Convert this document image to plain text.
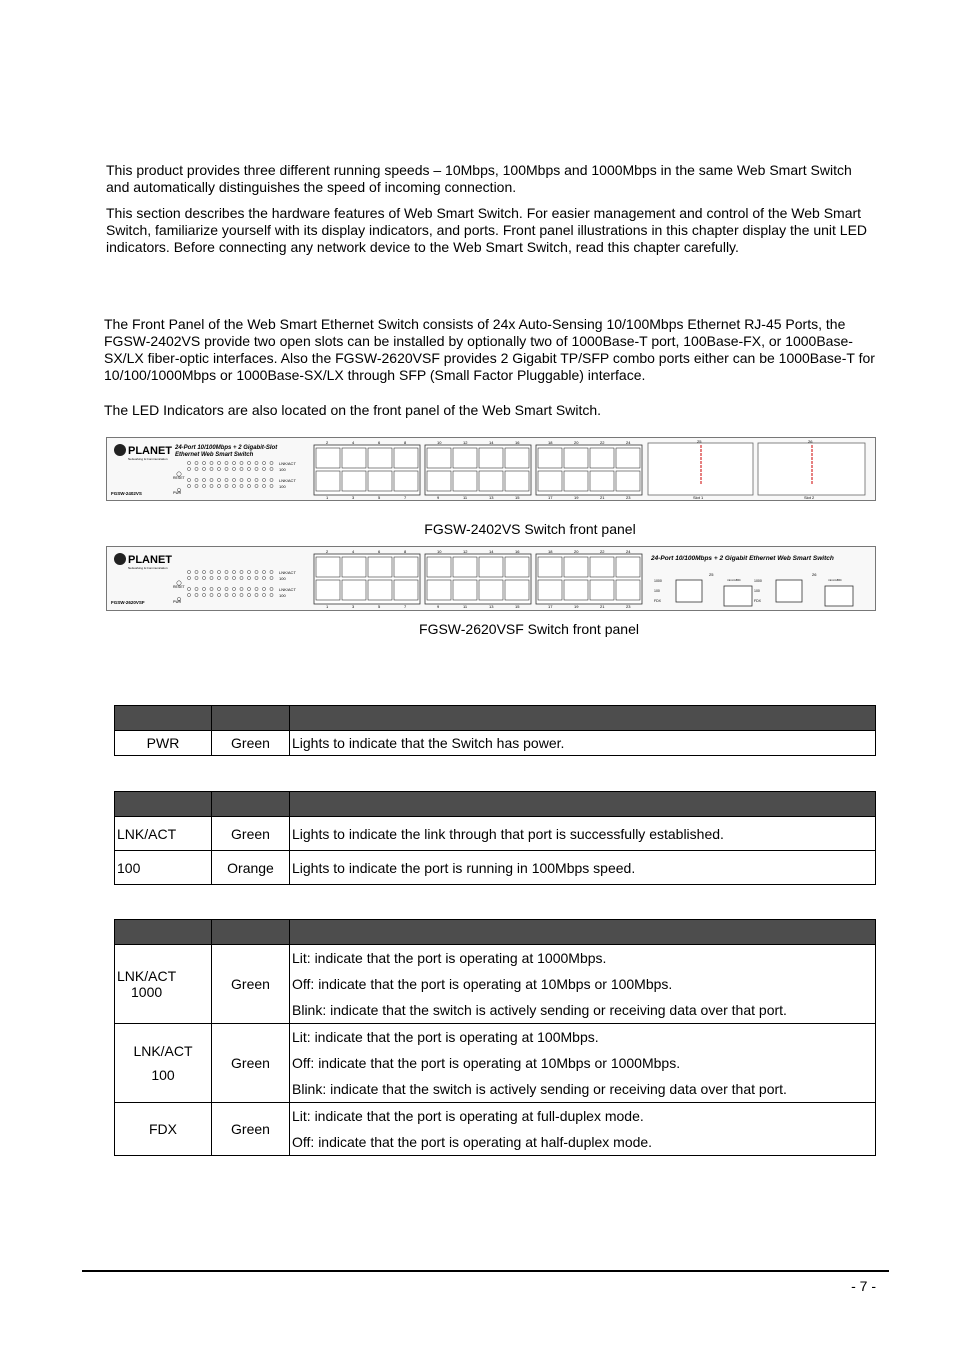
This product provides three different running speeds – 10Mbps, 100Mbps and 1000Mbps in the same Web Smart Switch and automatically distinguishes the speed of incoming connection.

This section describes the hardware features of Web Smart Switch. For easier management and control of the Web Smart Switch, familiarize yourself with its display indicators, and ports. Front panel illustrations in this chapter display the unit LED indicators. Before connecting any network device to the Web Smart Switch, read this chapter carefully.

The Front Panel of the Web Smart Ethernet Switch consists of 24x Auto-Sensing 10/100Mbps Ethernet RJ-45 Ports, the FGSW-2402VS provide two open slots can be installed by optionally two of 1000Base-T port, 100Base-FX, or 1000Base-SX/LX fiber-optic interfaces. Also the FGSW-2620VSF provides 2 Gigabit TP/SFP combo ports either can be 1000Base-T for 10/100/1000Mbps or 1000Base-SX/LX through SFP (Small Factor Pluggable) interface.

The LED Indicators are also located on the front panel of the Web Smart Switch.

PLANET
Networking & Communication
24-Port 10/100Mbps + 2 Gigabit-Slot
Ethernet Web Smart Switch
LNK/ACT
100
LNK/ACT
100
RESET
PWR
FGSW-2402VS
2
1
4
3
6
5
8
7
10
9
12
11
14
13
16
15
18
17
20
19
22
21
24
23
25	26
Slot 1	Slot 2
FGSW-2402VS Switch front panel
PLANET
Networking & Communication
LNK/ACT
100
LNK/ACT
100
RESET
PWR
FGSW-2620VSF
2
1
4
3
6
5
8
7
10
9
12
11
14
13
16
15
18
17
20
19
22
21
24
23
24-Port 10/100Mbps + 2 Gigabit Ethernet Web Smart Switch
25	26
1000
100
FDX
1000
100
FDX
mini-GBIC	mini-GBIC
FGSW-2620VSF Switch front panel

PWR	Green	Lights to indicate that the Switch has power.

LNK/ACT	Green	Lights to indicate the link through that port is successfully established.
100	Orange	Lights to indicate the port is running in 100Mbps speed.

LNK/ACT
1000	Green	Lit: indicate that the port is operating at 1000Mbps.
Off: indicate that the port is operating at 10Mbps or 100Mbps.
Blink: indicate that the switch is actively sending or receiving data over that port.

LNK/ACT
100	Green	Lit: indicate that the port is operating at 100Mbps.
Off: indicate that the port is operating at 10Mbps or 1000Mbps.
Blink: indicate that the switch is actively sending or receiving data over that port.

FDX	Green	Lit: indicate that the port is operating at full-duplex mode.
Off: indicate that the port is operating at half-duplex mode.
- 7 -
